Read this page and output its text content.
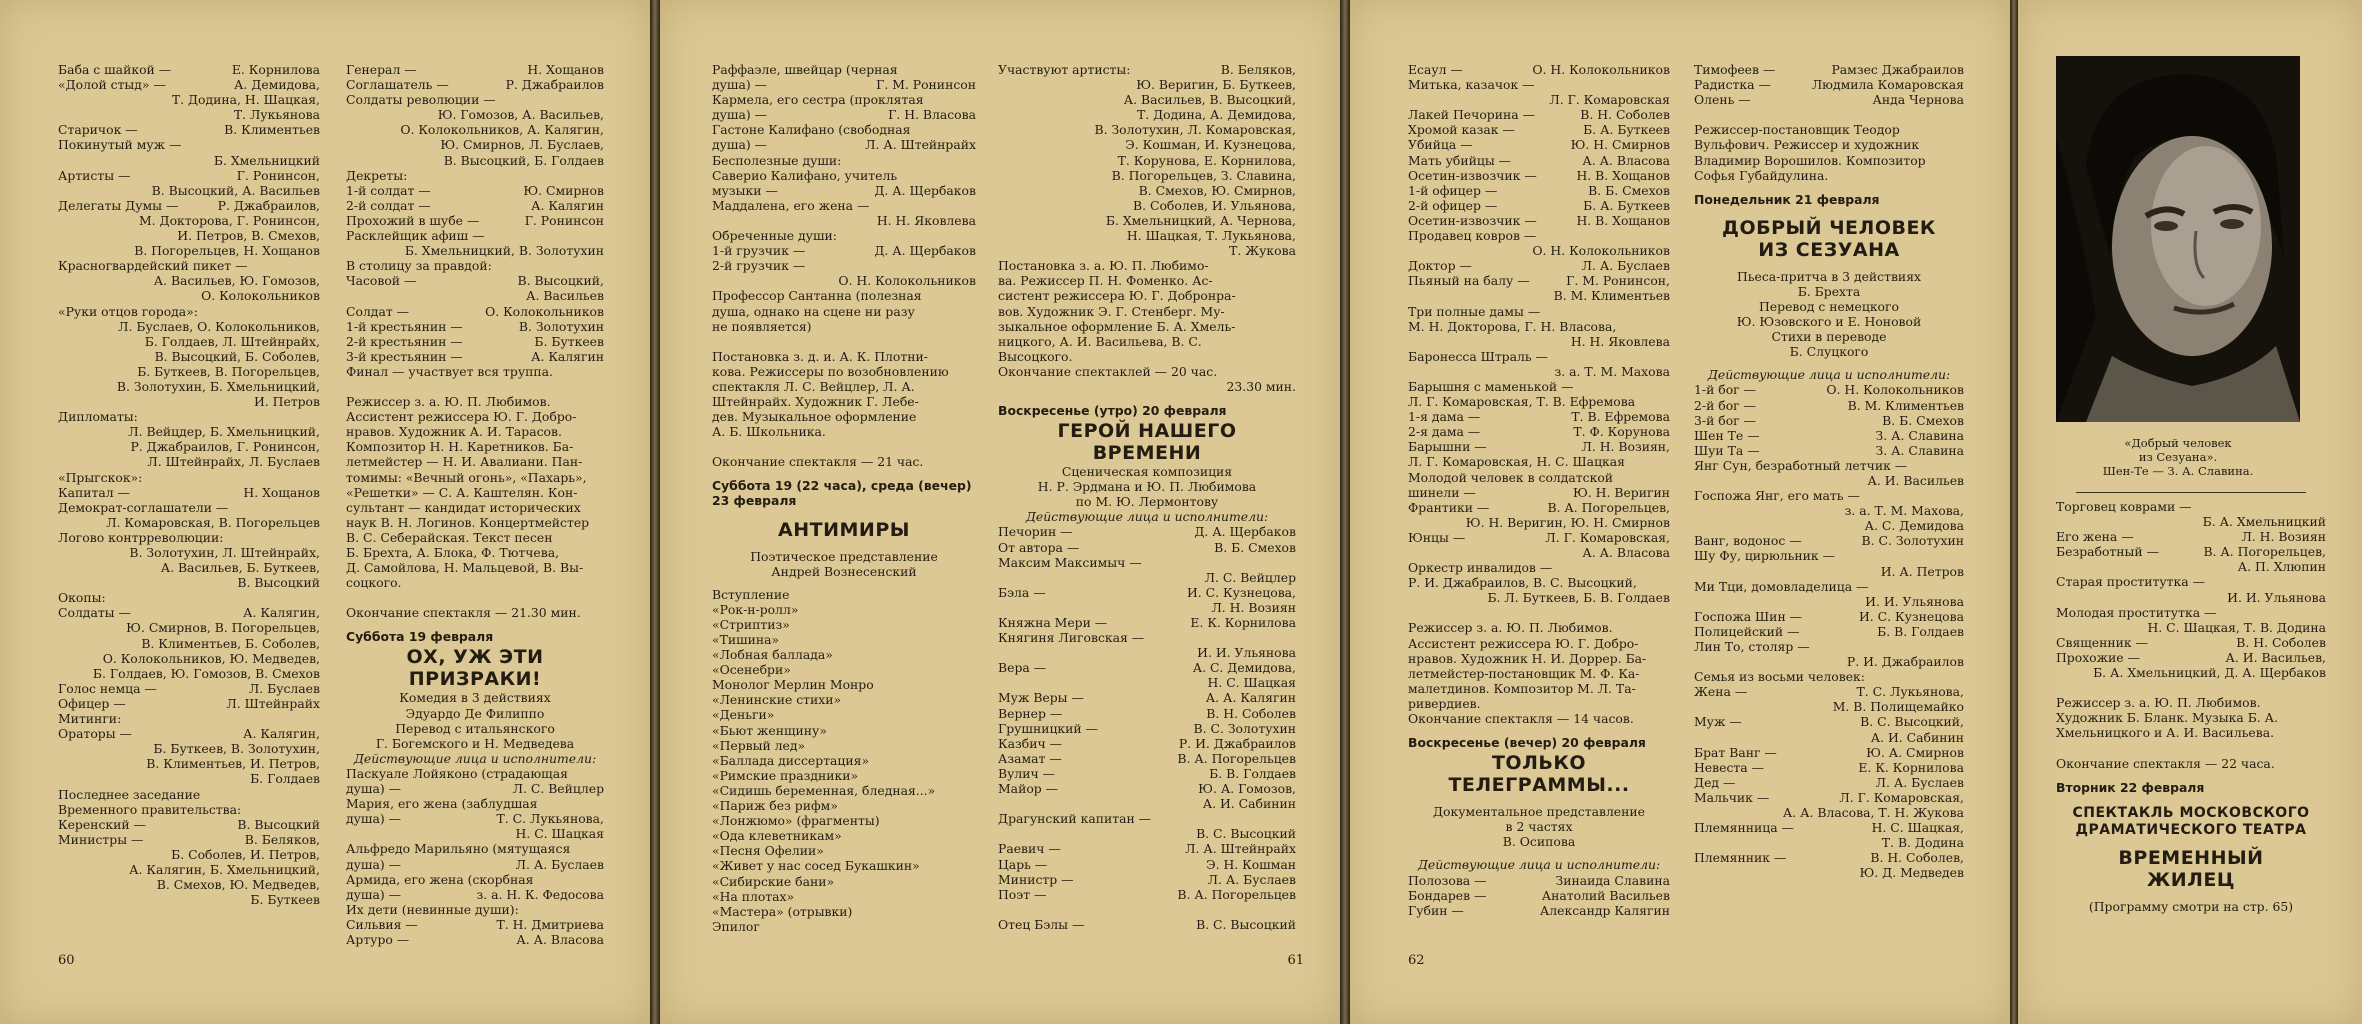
Баба с шайкой —	Е. Корнилова
«Долой стыд» —	А. Демидова,
Т. Додина, Н. Шацкая,
Т. Лукьянова
Старичок —	В. Климентьев
Покинутый муж —
Б. Хмельницкий
Артисты —	Г. Ронинсон,
В. Высоцкий, А. Васильев
Делегаты Думы —	Р. Джабраилов,
М. Докторова, Г. Ронинсон,
И. Петров, В. Смехов,
В. Погорельцев, Н. Хощанов
Красногвардейский пикет —
А. Васильев, Ю. Гомозов,
О. Колокольников
«Руки отцов города»:
Л. Буслаев, О. Колокольников,
Б. Голдаев, Л. Штейнрайх,
В. Высоцкий, Б. Соболев,
Б. Буткеев, В. Погорельцев,
В. Золотухин, Б. Хмельницкий,
И. Петров
Дипломаты:
Л. Вейцдер, Б. Хмельницкий,
Р. Джабраилов, Г. Ронинсон,
Л. Штейнрайх, Л. Буслаев
«Прыгскок»:
Капитал —	Н. Хощанов
Демократ-соглашатели —
Л. Комаровская, В. Погорельцев
Логово контрреволюции:
В. Золотухин, Л. Штейнрайх,
А. Васильев, Б. Буткеев,
В. Высоцкий
Окопы:
Солдаты —	А. Калягин,
Ю. Смирнов, В. Погорельцев,
В. Климентьев, Б. Соболев,
О. Колокольников, Ю. Медведев,
Б. Голдаев, Ю. Гомозов, В. Смехов
Голос немца —	Л. Буслаев
Офицер —	Л. Штейнрайх
Митинги:
Ораторы —	А. Калягин,
Б. Буткеев, В. Золотухин,
В. Климентьев, И. Петров,
Б. Голдаев
Последнее заседание
Временного правительства:
Керенский —	В. Высоцкий
Министры —	В. Беляков,
Б. Соболев, И. Петров,
А. Калягин, Б. Хмельницкий,
В. Смехов, Ю. Медведев,
Б. Буткеев
Генерал —	Н. Хощанов
Соглашатель —	Р. Джабраилов
Солдаты революции —
Ю. Гомозов, А. Васильев,
О. Колокольников, А. Калягин,
Ю. Смирнов, Л. Буслаев,
В. Высоцкий, Б. Голдаев
Декреты:
1-й солдат —	Ю. Смирнов
2-й солдат —	А. Калягин
Прохожий в шубе —	Г. Ронинсон
Расклейщик афиш —
Б. Хмельницкий, В. Золотухин
В столицу за правдой:
Часовой —	В. Высоцкий,
А. Васильев
Солдат —	О. Колокольников
1-й крестьянин —	В. Золотухин
2-й крестьянин —	Б. Буткеев
3-й крестьянин —	А. Калягин
Финал — участвует вся труппа.
Режиссер з. а. Ю. П. Любимов.
Ассистент режиссера Ю. Г. Добро-
нравов. Художник А. И. Тарасов.
Композитор Н. Н. Каретников. Ба-
летмейстер — Н. И. Авалиани. Пан-
томимы: «Вечный огонь», «Пахарь»,
«Решетки» — С. А. Каштелян. Кон-
сультант — кандидат исторических
наук В. Н. Логинов. Концертмейстер
В. С. Себерайская. Текст песен
Б. Брехта, А. Блока, Ф. Тютчева,
Д. Самойлова, Н. Мальцевой, В. Вы-
соцкого.
Окончание спектакля — 21.30 мин.
Суббота 19 февраля
ОХ, УЖ ЭТИ
ПРИЗРАКИ!
Комедия в 3 действиях
Эдуардо Де Филиппо
Перевод с итальянского
Г. Богемского и Н. Медведева
Действующие лица и исполнители:
Паскуале Лойяконо (страдающая
душа) —	Л. С. Вейцлер
Мария, его жена (заблудшая
душа) —	Т. С. Лукьянова,
Н. С. Шацкая
Альфредо Марильяно (мятущаяся
душа) —	Л. А. Буслаев
Армида, его жена (скорбная
душа) —	з. а. Н. К. Федосова
Их дети (невинные души):
Сильвия —	Т. Н. Дмитриева
Артуро —	А. А. Власова
60
Раффаэле, швейцар (черная
душа) —	Г. М. Ронинсон
Кармела, его сестра (проклятая
душа) —	Г. Н. Власова
Гастоне Калифано (свободная
душа) —	Л. А. Штейнрайх
Бесполезные души:
Саверио Калифано, учитель
музыки —	Д. А. Щербаков
Маддалена, его жена —
Н. Н. Яковлева
Обреченные души:
1-й грузчик —	Д. А. Щербаков
2-й грузчик —
О. Н. Колокольников
Профессор Сантанна (полезная
душа, однако на сцене ни разу
не появляется)
Постановка з. д. и. А. К. Плотни-
кова. Режиссеры по возобновлению
спектакля Л. С. Вейцлер, Л. А.
Штейнрайх. Художник Г. Лебе-
дев. Музыкальное оформление
А. Б. Школьника.
Окончание спектакля — 21 час.
Суббота 19 (22 часа), среда (вечер)
23 февраля
АНТИМИРЫ
Поэтическое представление
Андрей Вознесенский
Вступление
«Рок-н-ролл»
«Стриптиз»
«Тишина»
«Лобная баллада»
«Осенебри»
Монолог Мерлин Монро
«Ленинские стихи»
«Деньги»
«Бьют женщину»
«Первый лед»
«Баллада диссертация»
«Римские праздники»
«Сидишь беременная, бледная...»
«Париж без рифм»
«Лонжюмо» (фрагменты)
«Ода клеветникам»
«Песня Офелии»
«Живет у нас сосед Букашкин»
«Сибирские бани»
«На плотах»
«Мастера» (отрывки)
Эпилог
Участвуют артисты:	В. Беляков,
Ю. Веригин, Б. Буткеев,
А. Васильев, В. Высоцкий,
Т. Додина, А. Демидова,
В. Золотухин, Л. Комаровская,
Э. Кошман, И. Кузнецова,
Т. Корунова, Е. Корнилова,
В. Погорельцев, З. Славина,
В. Смехов, Ю. Смирнов,
В. Соболев, И. Ульянова,
Б. Хмельницкий, А. Чернова,
Н. Шацкая, Т. Лукьянова,
Т. Жукова
Постановка з. а. Ю. П. Любимо-
ва. Режиссер П. Н. Фоменко. Ас-
систент режиссера Ю. Г. Добронра-
вов. Художник Э. Г. Стенберг. Му-
зыкальное оформление Б. А. Хмель-
ницкого, А. И. Васильева, В. С.
Высоцкого.
Окончание спектаклей — 20 час.
23.30 мин.
Воскресенье (утро) 20 февраля
ГЕРОЙ НАШЕГО
ВРЕМЕНИ
Сценическая композиция
Н. Р. Эрдмана и Ю. П. Любимова
по М. Ю. Лермонтову
Действующие лица и исполнители:
Печорин —	Д. А. Щербаков
От автора —	В. Б. Смехов
Максим Максимыч —
Л. С. Вейцлер
Бэла —	И. С. Кузнецова,
Л. Н. Возиян
Княжна Мери —	Е. К. Корнилова
Княгиня Лиговская —
И. И. Ульянова
Вера —	А. С. Демидова,
Н. С. Шацкая
Муж Веры —	А. А. Калягин
Вернер —	В. Н. Соболев
Грушницкий —	В. С. Золотухин
Казбич —	Р. И. Джабраилов
Азамат —	В. А. Погорельцев
Вулич —	Б. В. Голдаев
Майор —	Ю. А. Гомозов,
А. И. Сабинин
Драгунский капитан —
В. С. Высоцкий
Раевич —	Л. А. Штейнрайх
Царь —	Э. Н. Кошман
Министр —	Л. А. Буслаев
Поэт —	В. А. Погорельцев
Отец Бэлы —	В. С. Высоцкий
61
Есаул —	О. Н. Колокольников
Митька, казачок —
Л. Г. Комаровская
Лакей Печорина —	В. Н. Соболев
Хромой казак —	Б. А. Буткеев
Убийца —	Ю. Н. Смирнов
Мать убийцы —	А. А. Власова
Осетин-извозчик —	Н. В. Хощанов
1-й офицер —	В. Б. Смехов
2-й офицер —	Б. А. Буткеев
Осетин-извозчик —	Н. В. Хощанов
Продавец ковров —
О. Н. Колокольников
Доктор —	Л. А. Буслаев
Пьяный на балу —	Г. М. Ронинсон,
В. М. Климентьев
Три полные дамы —
М. Н. Докторова, Г. Н. Власова,
Н. Н. Яковлева
Баронесса Штраль —
з. а. Т. М. Махова
Барышня с маменькой —
Л. Г. Комаровская, Т. В. Ефремова
1-я дама —	Т. В. Ефремова
2-я дама —	Т. Ф. Корунова
Барышни —	Л. Н. Возиян,
Л. Г. Комаровская, Н. С. Шацкая
Молодой человек в солдатской
шинели —	Ю. Н. Веригин
Франтики —	В. А. Погорельцев,
Ю. Н. Веригин, Ю. Н. Смирнов
Юнцы —	Л. Г. Комаровская,
А. А. Власова
Оркестр инвалидов —
Р. И. Джабраилов, В. С. Высоцкий,
Б. Л. Буткеев, Б. В. Голдаев
Режиссер з. а. Ю. П. Любимов.
Ассистент режиссера Ю. Г. Добро-
нравов. Художник Н. И. Доррер. Ба-
летмейстер-постановщик М. Ф. Ка-
малетдинов. Композитор М. Л. Та-
ривердиев.
Окончание спектакля — 14 часов.
Воскресенье (вечер) 20 февраля
ТОЛЬКО
ТЕЛЕГРАММЫ...
Документальное представление
в 2 частях
В. Осипова
Действующие лица и исполнители:
Полозова —	Зинаида Славина
Бондарев —	Анатолий Васильев
Губин —	Александр Калягин
Тимофеев —	Рамзес Джабраилов
Радистка —	Людмила Комаровская
Олень —	Анда Чернова
Режиссер-постановщик Теодор
Вульфович. Режиссер и художник
Владимир Ворошилов. Композитор
Софья Губайдулина.
Понедельник 21 февраля
ДОБРЫЙ ЧЕЛОВЕК
ИЗ СЕЗУАНА
Пьеса-притча в 3 действиях
Б. Брехта
Перевод с немецкого
Ю. Юзовского и Е. Ноновой
Стихи в переводе
Б. Слуцкого
Действующие лица и исполнители:
1-й бог —	О. Н. Колокольников
2-й бог —	В. М. Климентьев
3-й бог —	В. Б. Смехов
Шен Те —	З. А. Славина
Шуи Та —	З. А. Славина
Янг Сун, безработный летчик —
А. И. Васильев
Госпожа Янг, его мать —
з. а. Т. М. Махова,
А. С. Демидова
Ванг, водонос —	В. С. Золотухин
Шу Фу, цирюльник —
И. А. Петров
Ми Тци, домовладелица —
И. И. Ульянова
Госпожа Шин —	И. С. Кузнецова
Полицейский —	Б. В. Голдаев
Лин То, столяр —
Р. И. Джабраилов
Семья из восьми человек:
Жена —	Т. С. Лукьянова,
М. В. Полищемайко
Муж —	В. С. Высоцкий,
А. И. Сабинин
Брат Ванг —	Ю. А. Смирнов
Невеста —	Е. К. Корнилова
Дед —	Л. А. Буслаев
Мальчик —	Л. Г. Комаровская,
А. А. Власова, Т. Н. Жукова
Племянница —	Н. С. Шацкая,
Т. В. Додина
Племянник —	В. Н. Соболев,
Ю. Д. Медведев
62
«Добрый человек
из Сезуана».
Шен-Те — З. А. Славина.
Торговец коврами —
Б. А. Хмельницкий
Его жена —	Л. Н. Возиян
Безработный —	В. А. Погорельцев,
А. П. Хлюпин
Старая проститутка —
И. И. Ульянова
Молодая проститутка —
Н. С. Шацкая, Т. В. Додина
Священник —	В. Н. Соболев
Прохожие —	А. И. Васильев,
Б. А. Хмельницкий, Д. А. Щербаков
Режиссер з. а. Ю. П. Любимов.
Художник Б. Бланк. Музыка Б. А.
Хмельницкого и А. И. Васильева.
Окончание спектакля — 22 часа.
Вторник 22 февраля
СПЕКТАКЛЬ МОСКОВСКОГО
ДРАМАТИЧЕСКОГО ТЕАТРА
ВРЕМЕННЫЙ
ЖИЛЕЦ
(Программу смотри на стр. 65)
